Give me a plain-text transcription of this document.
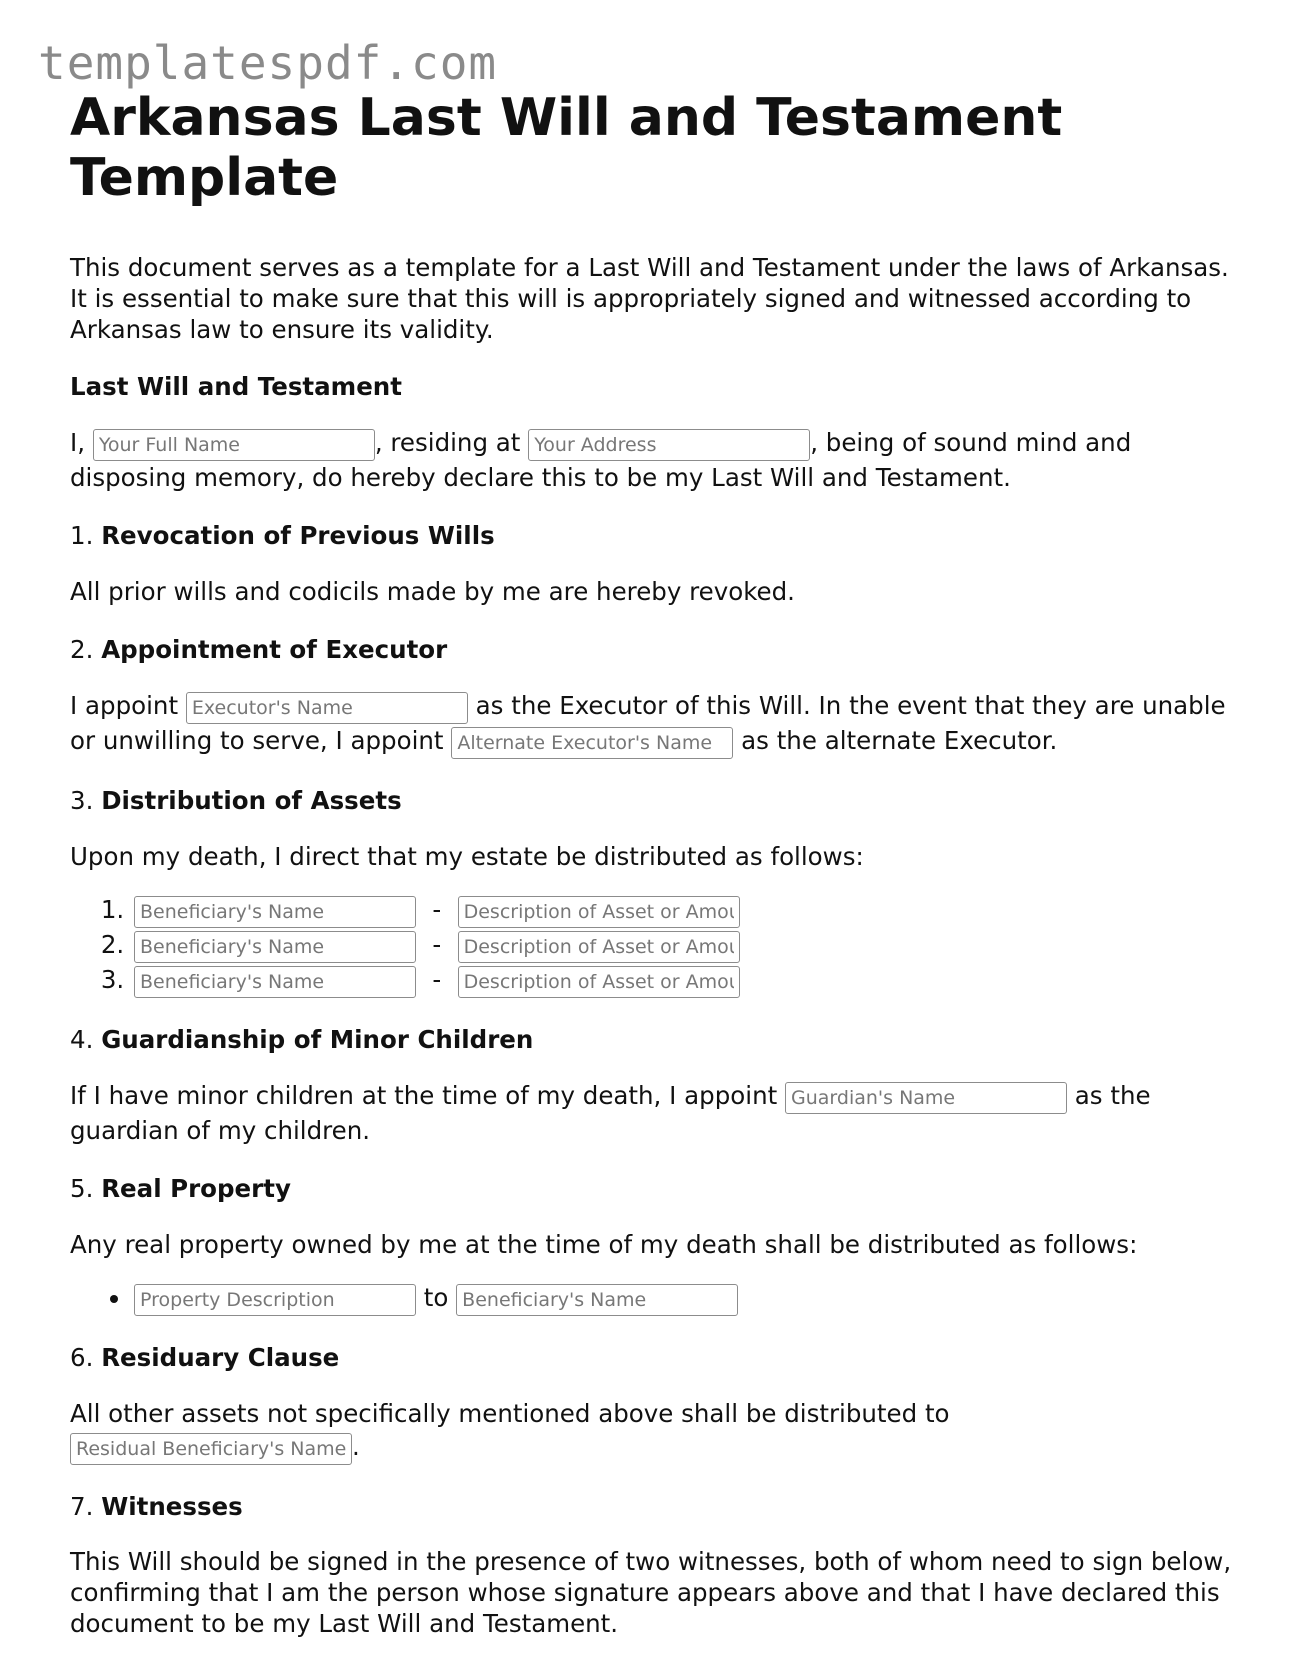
templatespdf.com
Arkansas Last Will and Testament Template

This document serves as a template for a Last Will and Testament under the laws of Arkansas. It is essential to make sure that this will is appropriately signed and witnessed according to Arkansas law to ensure its validity.

Last Will and Testament

I, Your Full Name	, residing at Your Address	, being of sound mind and disposing memory, do hereby declare this to be my Last Will and Testament.

1. Revocation of Previous Wills

All prior wills and codicils made by me are hereby revoked.

2. Appointment of Executor

I appoint Executor's Name	as the Executor of this Will. In the event that they are unable or unwilling to serve, I appoint Alternate Executor's Name	as the alternate Executor.

3. Distribution of Assets

Upon my death, I direct that my estate be distributed as follows:

Beneficiary's Name 1. - Description of Asset or Amount
Beneficiary's Name 2. - Description of Asset or Amount
Beneficiary's Name 3. - Description of Asset or Amount
4. Guardianship of Minor Children

If I have minor children at the time of my death, I appoint Guardian's Name	as the guardian of my children.

5. Real Property

Any real property owned by me at the time of my death shall be distributed as follows:

Property Description • to Beneficiary's Name
6. Residuary Clause

All other assets not specifically mentioned above shall be distributed to Residual Beneficiary's Name.

7. Witnesses

This Will should be signed in the presence of two witnesses, both of whom need to sign below, confirming that I am the person whose signature appears above and that I have declared this document to be my Last Will and Testament.
